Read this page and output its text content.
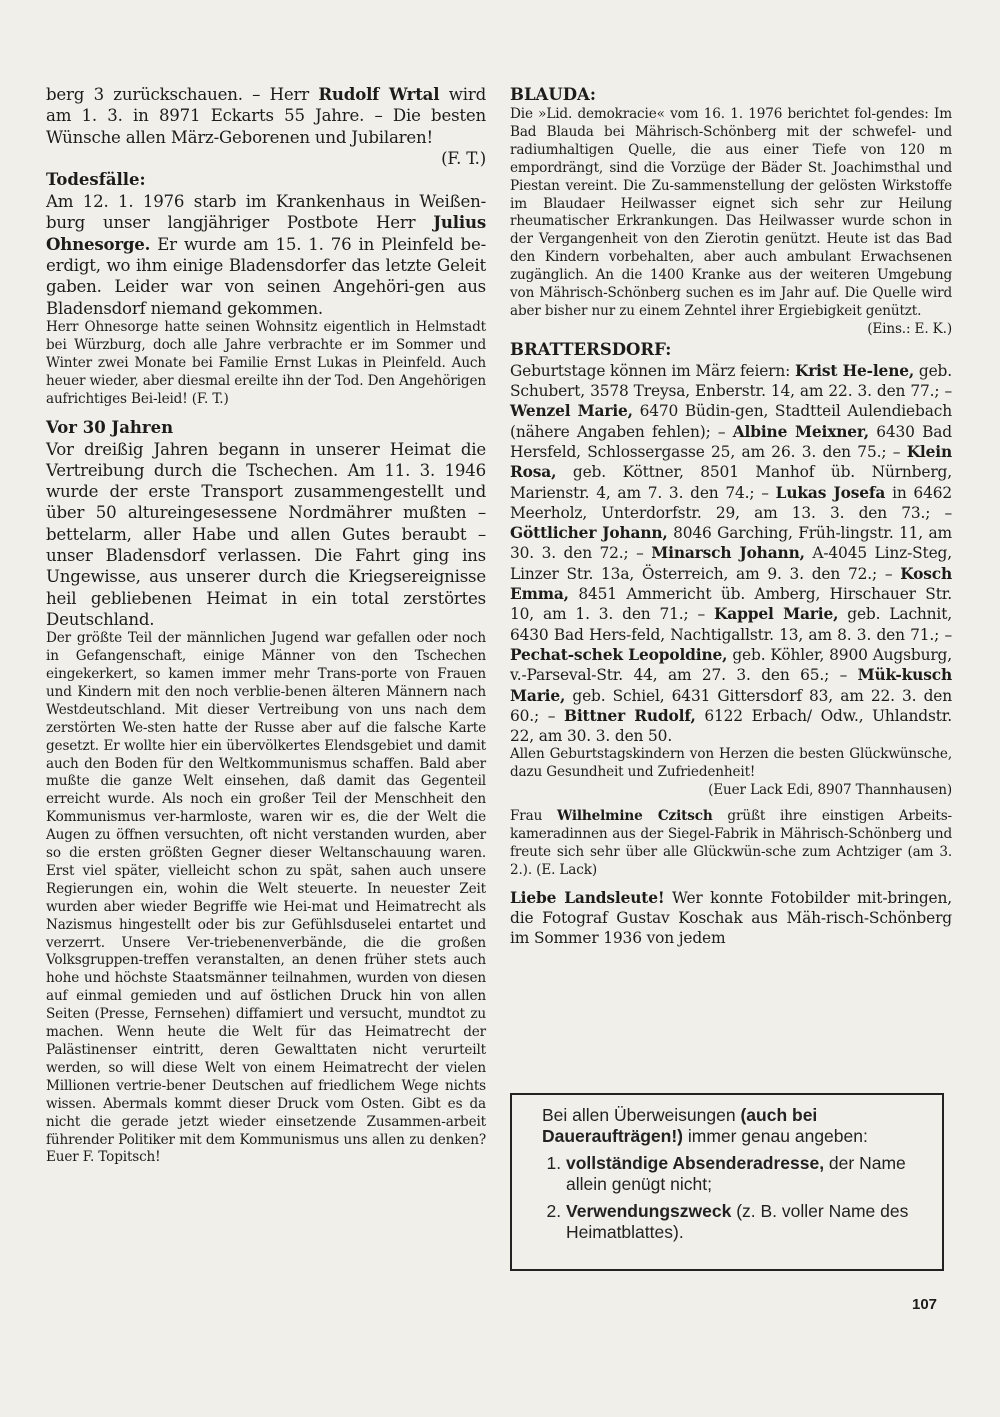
berg 3 zurückschauen. – Herr Rudolf Wrtal wird am 1. 3. in 8971 Eckarts 55 Jahre. – Die besten Wünsche allen März-Geborenen und Jubilaren!

(F. T.)

Todesfälle:

Am 12. 1. 1976 starb im Krankenhaus in Weißen-burg unser langjähriger Postbote Herr Julius Ohnesorge. Er wurde am 15. 1. 76 in Pleinfeld be-erdigt, wo ihm einige Bladensdorfer das letzte Geleit gaben. Leider war von seinen Angehöri-gen aus Bladensdorf niemand gekommen.

Herr Ohnesorge hatte seinen Wohnsitz eigentlich in Helmstadt bei Würzburg, doch alle Jahre verbrachte er im Sommer und Winter zwei Monate bei Familie Ernst Lukas in Pleinfeld. Auch heuer wieder, aber diesmal ereilte ihn der Tod. Den Angehörigen aufrichtiges Bei-leid! (F. T.)

Vor 30 Jahren

Vor dreißig Jahren begann in unserer Heimat die Vertreibung durch die Tschechen. Am 11. 3. 1946 wurde der erste Transport zusammengestellt und über 50 altureingesessene Nordmährer mußten – bettelarm, aller Habe und allen Gutes beraubt – unser Bladensdorf verlassen. Die Fahrt ging ins Ungewisse, aus unserer durch die Kriegsereignisse heil gebliebenen Heimat in ein total zerstörtes Deutschland.

Der größte Teil der männlichen Jugend war gefallen oder noch in Gefangenschaft, einige Männer von den Tschechen eingekerkert, so kamen immer mehr Trans-porte von Frauen und Kindern mit den noch verblie-benen älteren Männern nach Westdeutschland. Mit dieser Vertreibung von uns nach dem zerstörten We-sten hatte der Russe aber auf die falsche Karte gesetzt. Er wollte hier ein übervölkertes Elendsgebiet und damit auch den Boden für den Weltkommunismus schaffen. Bald aber mußte die ganze Welt einsehen, daß damit das Gegenteil erreicht wurde. Als noch ein großer Teil der Menschheit den Kommunismus ver-harmloste, waren wir es, die der Welt die Augen zu öffnen versuchten, oft nicht verstanden wurden, aber so die ersten größten Gegner dieser Weltanschauung waren. Erst viel später, vielleicht schon zu spät, sahen auch unsere Regierungen ein, wohin die Welt steuerte. In neuester Zeit wurden aber wieder Begriffe wie Hei-mat und Heimatrecht als Nazismus hingestellt oder bis zur Gefühlsduselei entartet und verzerrt. Unsere Ver-triebenenverbände, die die großen Volksgruppen-treffen veranstalten, an denen früher stets auch hohe und höchste Staatsmänner teilnahmen, wurden von diesen auf einmal gemieden und auf östlichen Druck hin von allen Seiten (Presse, Fernsehen) diffamiert und versucht, mundtot zu machen. Wenn heute die Welt für das Heimatrecht der Palästinenser eintritt, deren Gewalttaten nicht verurteilt werden, so will diese Welt von einem Heimatrecht der vielen Millionen vertrie-bener Deutschen auf friedlichem Wege nichts wissen. Abermals kommt dieser Druck vom Osten. Gibt es da nicht die gerade jetzt wieder einsetzende Zusammen-arbeit führender Politiker mit dem Kommunismus uns allen zu denken? Euer F. Topitsch!

BLAUDA:

Die »Lid. demokracie« vom 16. 1. 1976 berichtet fol-gendes: Im Bad Blauda bei Mährisch-Schönberg mit der schwefel- und radiumhaltigen Quelle, die aus einer Tiefe von 120 m empordrängt, sind die Vorzüge der Bäder St. Joachimsthal und Piestan vereint. Die Zu-sammenstellung der gelösten Wirkstoffe im Blaudaer Heilwasser eignet sich sehr zur Heilung rheumatischer Erkrankungen. Das Heilwasser wurde schon in der Vergangenheit von den Zierotin genützt. Heute ist das Bad den Kindern vorbehalten, aber auch ambulant Erwachsenen zugänglich. An die 1400 Kranke aus der weiteren Umgebung von Mährisch-Schönberg suchen es im Jahr auf. Die Quelle wird aber bisher nur zu einem Zehntel ihrer Ergiebigkeit genützt.

(Eins.: E. K.)

BRATTERSDORF:

Geburtstage können im März feiern: Krist He-lene, geb. Schubert, 3578 Treysa, Enberstr. 14, am 22. 3. den 77.; – Wenzel Marie, 6470 Büdin-gen, Stadtteil Aulendiebach (nähere Angaben fehlen); – Albine Meixner, 6430 Bad Hersfeld, Schlossergasse 25, am 26. 3. den 75.; – Klein Rosa, geb. Köttner, 8501 Manhof üb. Nürnberg, Marienstr. 4, am 7. 3. den 74.; – Lukas Josefa in 6462 Meerholz, Unterdorfstr. 29, am 13. 3. den 73.; – Göttlicher Johann, 8046 Garching, Früh-lingstr. 11, am 30. 3. den 72.; – Minarsch Johann, A-4045 Linz-Steg, Linzer Str. 13a, Österreich, am 9. 3. den 72.; – Kosch Emma, 8451 Ammericht üb. Amberg, Hirschauer Str. 10, am 1. 3. den 71.; – Kappel Marie, geb. Lachnit, 6430 Bad Hers-feld, Nachtigallstr. 13, am 8. 3. den 71.; – Pechat-schek Leopoldine, geb. Köhler, 8900 Augsburg, v.-Parseval-Str. 44, am 27. 3. den 65.; – Mük-kusch Marie, geb. Schiel, 6431 Gittersdorf 83, am 22. 3. den 60.; – Bittner Rudolf, 6122 Erbach/ Odw., Uhlandstr. 22, am 30. 3. den 50.

Allen Geburtstagskindern von Herzen die besten Glückwünsche, dazu Gesundheit und Zufriedenheit!

(Euer Lack Edi, 8907 Thannhausen)

Frau Wilhelmine Czitsch grüßt ihre einstigen Arbeits-kameradinnen aus der Siegel-Fabrik in Mährisch-Schönberg und freute sich sehr über alle Glückwün-sche zum Achtziger (am 3. 2.). (E. Lack)

Liebe Landsleute! Wer konnte Fotobilder mit-bringen, die Fotograf Gustav Koschak aus Mäh-risch-Schönberg im Sommer 1936 von jedem

Bei allen Überweisungen (auch bei Daueraufträgen!) immer genau angeben:
1. vollständige Absenderadresse, der Name allein genügt nicht;
2. Verwendungszweck (z. B. voller Name des Heimatblattes).
107
